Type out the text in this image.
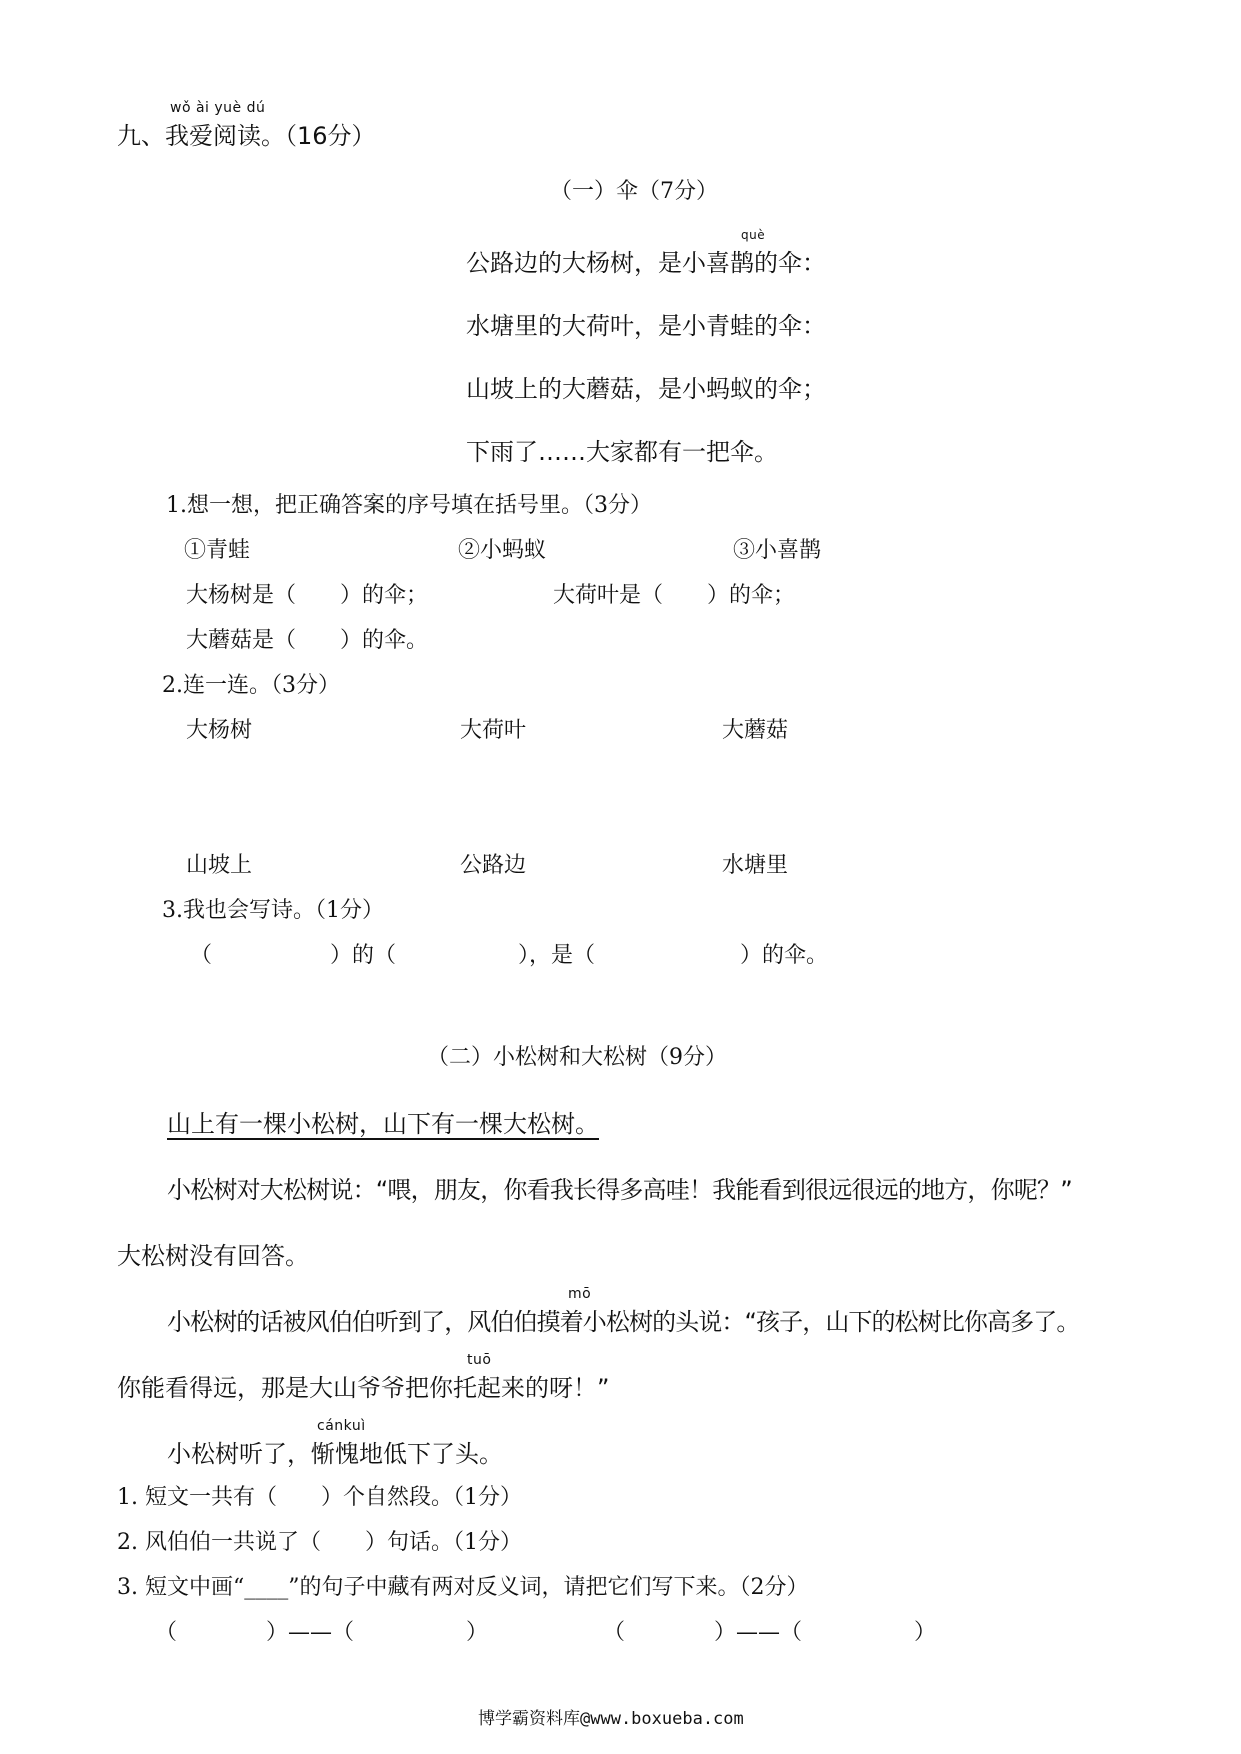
wǒ ài yuè dú
九、我爱阅读。（16分）
（一）伞（7分）
què
公路边的大杨树，是小喜鹊的伞：
水塘里的大荷叶，是小青蛙的伞：
山坡上的大蘑菇，是小蚂蚁的伞；
下雨了……大家都有一把伞。
1.想一想，把正确答案的序号填在括号里。（3分）
①青蛙	②小蚂蚁	③小喜鹊
大杨树是（　　）的伞；	大荷叶是（　　）的伞；
大蘑菇是（　　）的伞。
2.连一连。（3分）
大杨树	大荷叶	大蘑菇
山坡上	公路边	水塘里
3.我也会写诗。（1分）
（	）的（	），是（	）的伞。
（二）小松树和大松树（9分）
山上有一棵小松树，山下有一棵大松树。
小松树对大松树说：“喂，朋友，你看我长得多高哇！我能看到很远很远的地方，你呢？”
大松树没有回答。
mō
小松树的话被风伯伯听到了，风伯伯摸着小松树的头说：“孩子，山下的松树比你高多了。
tuō
你能看得远，那是大山爷爷把你托起来的呀！”
cánkuì
小松树听了，惭愧地低下了头。
1. 短文一共有（　　）个自然段。（1分）
2. 风伯伯一共说了（　　）句话。（1分）
3. 短文中画“____”的句子中藏有两对反义词，请把它们写下来。（2分）
（	）——（	）	（	）——（	）
博学霸资料库@www.boxueba.com
